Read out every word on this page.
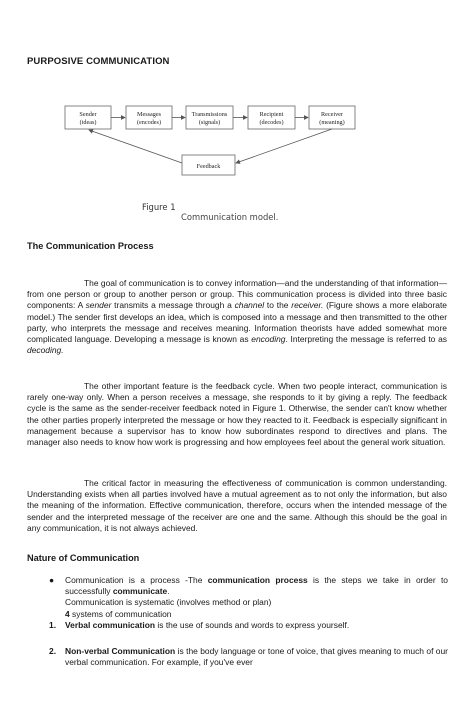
PURPOSIVE COMMUNICATION
Sender
(ideas)
Messages
(encodes)
Transmissions
(signals)
Recipient
(decodes)
Receiver
(meaning)
Feedback
Figure 1
Communication model.
The Communication Process
The goal of communication is to convey information—and the understanding of that information—from one person or group to another person or group. This communication process is divided into three basic components: A sender transmits a message through a channel to the receiver. (Figure shows a more elaborate model.) The sender first develops an idea, which is composed into a message and then transmitted to the other party, who interprets the message and receives meaning. Information theorists have added somewhat more complicated language. Developing a message is known as encoding. Interpreting the message is referred to as decoding.
The other important feature is the feedback cycle. When two people interact, communication is rarely one-way only. When a person receives a message, she responds to it by giving a reply. The feedback cycle is the same as the sender-receiver feedback noted in Figure 1. Otherwise, the sender can't know whether the other parties properly interpreted the message or how they reacted to it. Feedback is especially significant in management because a supervisor has to know how subordinates respond to directives and plans. The manager also needs to know how work is progressing and how employees feel about the general work situation.
The critical factor in measuring the effectiveness of communication is common understanding. Understanding exists when all parties involved have a mutual agreement as to not only the information, but also the meaning of the information. Effective communication, therefore, occurs when the intended message of the sender and the interpreted message of the receiver are one and the same. Although this should be the goal in any communication, it is not always achieved.
Nature of Communication
● Communication is a process -The communication process is the steps we take in order to successfully communicate.
Communication is systematic (involves method or plan)
4 systems of communication
1. Verbal communication is the use of sounds and words to express yourself.
2. Non-verbal Communication is the body language or tone of voice, that gives meaning to much of our verbal communication. For example, if you've ever
